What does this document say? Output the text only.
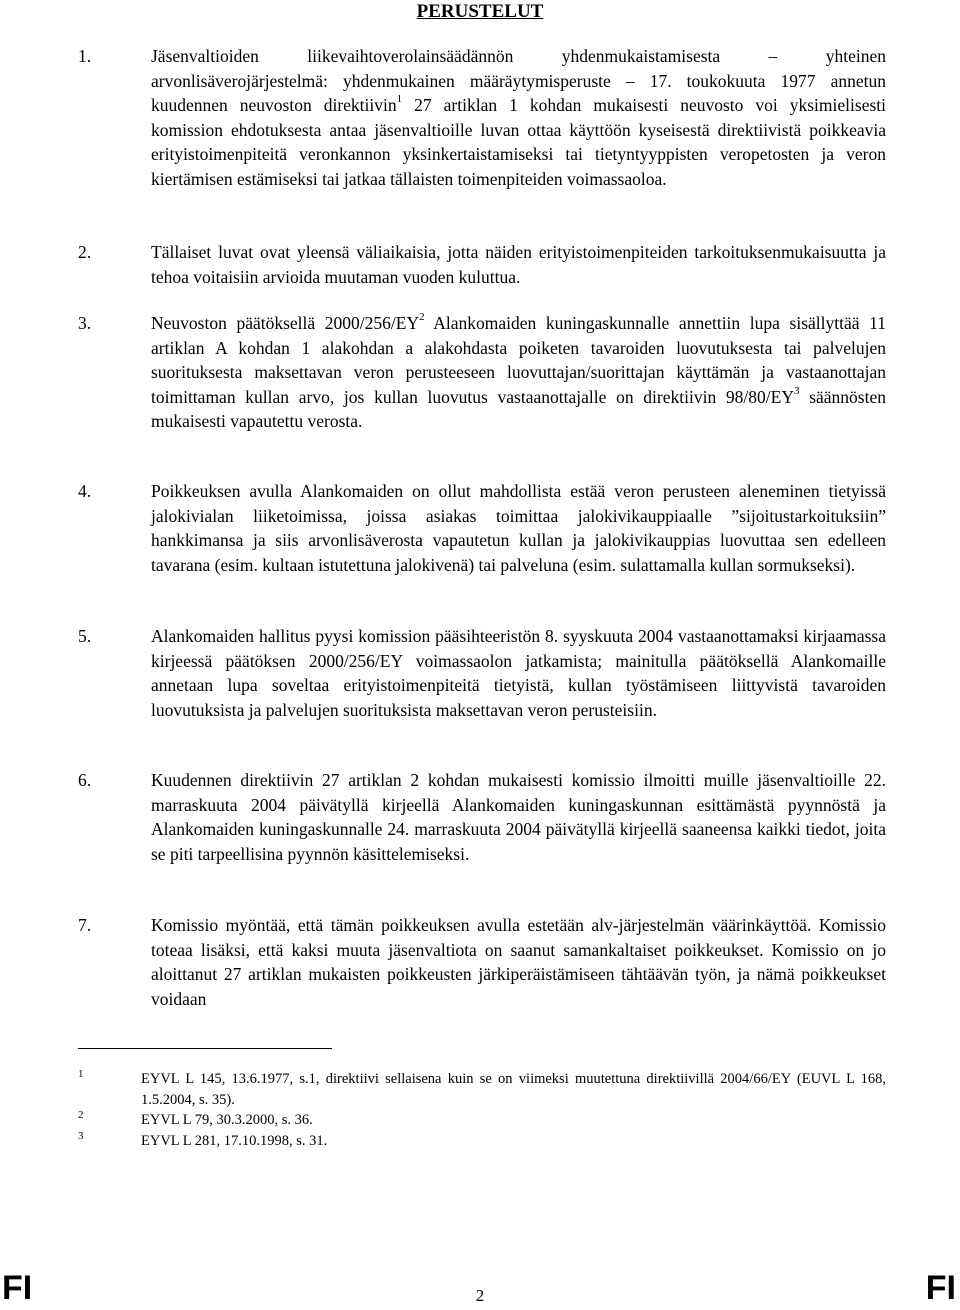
PERUSTELUT
1.	Jäsenvaltioiden liikevaihtoverolainsäädännön yhdenmukaistamisesta – yhteinen arvonlisäverojärjestelmä: yhdenmukainen määräytymisperuste – 17. toukokuuta 1977 annetun kuudennen neuvoston direktiivin$^1$ 27 artiklan 1 kohdan mukaisesti neuvosto voi yksimielisesti komission ehdotuksesta antaa jäsenvaltioille luvan ottaa käyttöön kyseisestä direktiivistä poikkeavia erityistoimenpiteitä veronkannon yksinkertaistamiseksi tai tietyntyyppisten veropetosten ja veron kiertämisen estämiseksi tai jatkaa tällaisten toimenpiteiden voimassaoloa.
2.	Tällaiset luvat ovat yleensä väliaikaisia, jotta näiden erityistoimenpiteiden tarkoituksenmukaisuutta ja tehoa voitaisiin arvioida muutaman vuoden kuluttua.
3.	Neuvoston päätöksellä $2000/256/EY^2$ Alankomaiden kuningaskunnalle annettiin lupa sisällyttää 11 artiklan A kohdan 1 alakohdan a alakohdasta poiketen tavaroiden luovutuksesta tai palvelujen suorituksesta maksettavan veron perusteeseen luovuttajan/suorittajan käyttämän ja vastaanottajan toimittaman kullan arvo, jos kullan luovutus vastaanottajalle on direktiivin $98/80/EY^3$ säännösten mukaisesti vapautettu verosta.
4.	Poikkeuksen avulla Alankomaiden on ollut mahdollista estää veron perusteen aleneminen tietyissä jalokivialan liiketoimissa, joissa asiakas toimittaa jalokivikauppiaalle ”sijoitustarkoituksiin” hankkimansa ja siis arvonlisäverosta vapautetun kullan ja jalokivikauppias luovuttaa sen edelleen tavarana (esim. kultaan istutettuna jalokivenä) tai palveluna (esim. sulattamalla kullan sormukseksi).
5.	Alankomaiden hallitus pyysi komission pääsihteeristön 8. syyskuuta 2004 vastaanottamaksi kirjaamassa kirjeessä päätöksen 2000/256/EY voimassaolon jatkamista; mainitulla päätöksellä Alankomaille annetaan lupa soveltaa erityistoimenpiteitä tietyistä, kullan työstämiseen liittyvistä tavaroiden luovutuksista ja palvelujen suorituksista maksettavan veron perusteisiin.
6.	Kuudennen direktiivin 27 artiklan 2 kohdan mukaisesti komissio ilmoitti muille jäsenvaltioille 22. marraskuuta 2004 päivätyllä kirjeellä Alankomaiden kuningaskunnan esittämästä pyynnöstä ja Alankomaiden kuningaskunnalle 24. marraskuuta 2004 päivätyllä kirjeellä saaneensa kaikki tiedot, joita se piti tarpeellisina pyynnön käsittelemiseksi.
7.	Komissio myöntää, että tämän poikkeuksen avulla estetään alv-järjestelmän väärinkäyttöä. Komissio toteaa lisäksi, että kaksi muuta jäsenvaltiota on saanut samankaltaiset poikkeukset. Komissio on jo aloittanut 27 artiklan mukaisten poikkeusten järkiperäistämiseen tähtäävän työn, ja nämä poikkeukset voidaan
1	EYVL L 145, 13.6.1977, s.1, direktiivi sellaisena kuin se on viimeksi muutettuna direktiivillä 2004/66/EY (EUVL L 168, 1.5.2004, s. 35).
2	EYVL L 79, 30.3.2000, s. 36.
3	EYVL L 281, 17.10.1998, s. 31.
FI	2	FI
